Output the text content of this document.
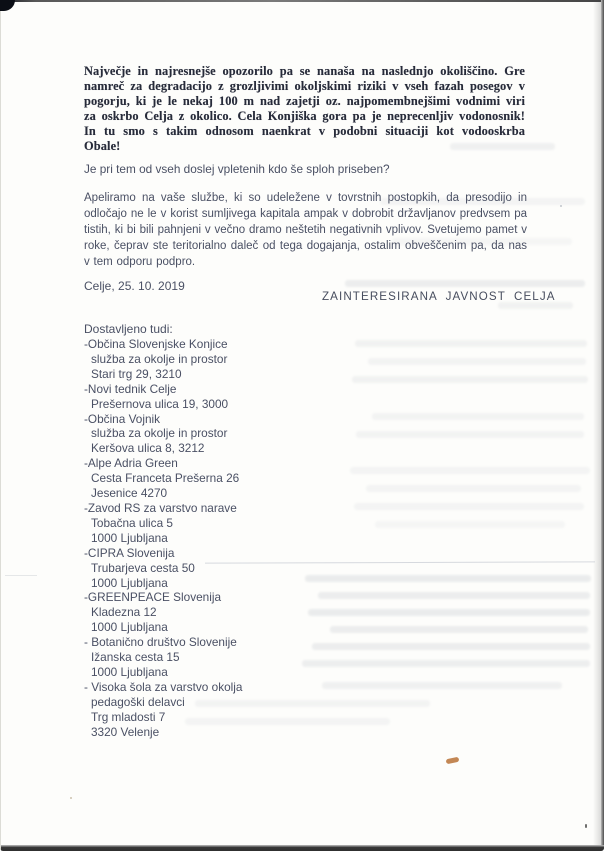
Največje in najresnejše opozorilo pa se nanaša na naslednjo okoliščino. Gre namreč za degradacijo z grozljivimi okoljskimi riziki v vseh fazah posegov v pogorju, ki je le nekaj 100 m nad zajetji oz. najpomembnejšimi vodnimi viri za oskrbo Celja z okolico. Cela Konjiška gora pa je neprecenljiv vodonosnik! In tu smo s takim odnosom naenkrat v podobni situaciji kot vodooskrba Obale!
Je pri tem od vseh doslej vpletenih kdo še sploh priseben?
Apeliramo na vaše službe, ki so udeležene v tovrstnih postopkih, da presodijo in odločajo ne le v korist sumljivega kapitala ampak v dobrobit državljanov predvsem pa tistih, ki bi bili pahnjeni v večno dramo neštetih negativnih vplivov. Svetujemo pamet v roke, čeprav ste teritorialno daleč od tega dogajanja, ostalim obveščenim pa, da nas v tem odporu podpro.
Celje, 25. 10. 2019
ZAINTERESIRANA JAVNOST CELJA
Dostavljeno tudi:
-Občina Slovenjske Konjice
služba za okolje in prostor
Stari trg 29, 3210
-Novi tednik Celje
Prešernova ulica 19, 3000
-Občina Vojnik
služba za okolje in prostor
Keršova ulica 8, 3212
-Alpe Adria Green
Cesta Franceta Prešerna 26
Jesenice 4270
-Zavod RS za varstvo narave
Tobačna ulica 5
1000 Ljubljana
-CIPRA Slovenija
Trubarjeva cesta 50
1000 Ljubljana
-GREENPEACE Slovenija
Kladezna 12
1000 Ljubljana
- Botanično društvo Slovenije
Ižanska cesta 15
1000 Ljubljana
- Visoka šola za varstvo okolja
pedagoški delavci
Trg mladosti 7
3320 Velenje
